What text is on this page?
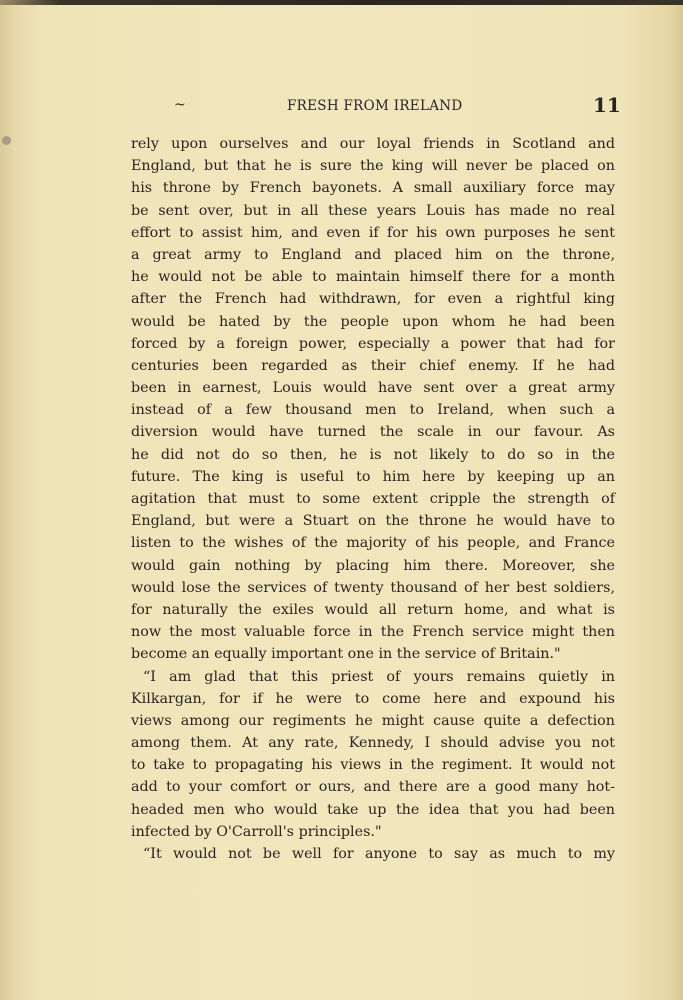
~	FRESH FROM IRELAND	11
rely upon ourselves and our loyal friends in Scotland and
England, but that he is sure the king will never be placed on
his throne by French bayonets. A small auxiliary force may
be sent over, but in all these years Louis has made no real
effort to assist him, and even if for his own purposes he sent
a great army to England and placed him on the throne,
he would not be able to maintain himself there for a month
after the French had withdrawn, for even a rightful king
would be hated by the people upon whom he had been
forced by a foreign power, especially a power that had for
centuries been regarded as their chief enemy. If he had
been in earnest, Louis would have sent over a great army
instead of a few thousand men to Ireland, when such a
diversion would have turned the scale in our favour. As
he did not do so then, he is not likely to do so in the
future. The king is useful to him here by keeping up an
agitation that must to some extent cripple the strength of
England, but were a Stuart on the throne he would have to
listen to the wishes of the majority of his people, and France
would gain nothing by placing him there. Moreover, she
would lose the services of twenty thousand of her best soldiers,
for naturally the exiles would all return home, and what is
now the most valuable force in the French service might then
become an equally important one in the service of Britain."
“I am glad that this priest of yours remains quietly in
Kilkargan, for if he were to come here and expound his
views among our regiments he might cause quite a defection
among them. At any rate, Kennedy, I should advise you not
to take to propagating his views in the regiment. It would not
add to your comfort or ours, and there are a good many hot-
headed men who would take up the idea that you had been
infected by O'Carroll's principles."
“It would not be well for anyone to say as much to my
